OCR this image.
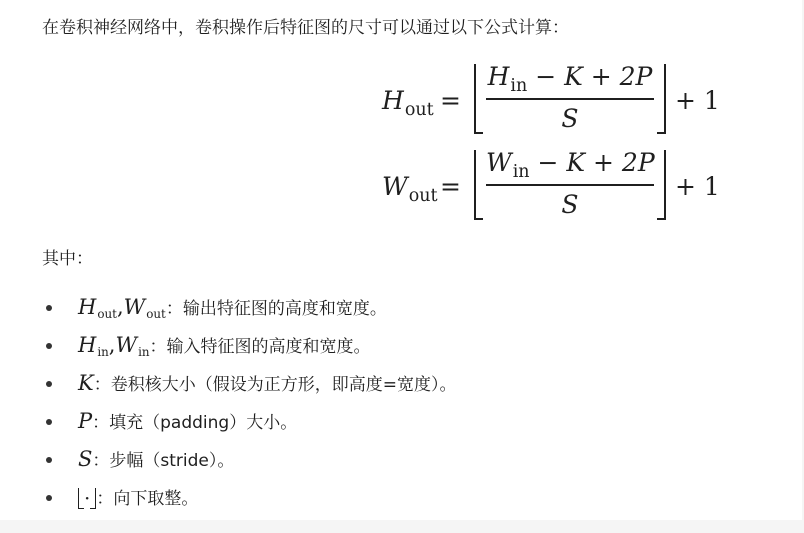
在卷积神经网络中，卷积操作后特征图的尺寸可以通过以下公式计算：
$H_{out}$ =
$H_{in} - K + 2P$
S
+ 1
$W_{out}$ =
$W_{in} - K + 2P$
S
+ 1
其中：
$H_{out},W_{out}$：输出特征图的高度和宽度。
$H_{in},W_{in}$：输入特征图的高度和宽度。
K：卷积核大小（假设为正方形，即高度=宽度）。
P：填充（padding）大小。
S：步幅（stride）。
· ：向下取整。
